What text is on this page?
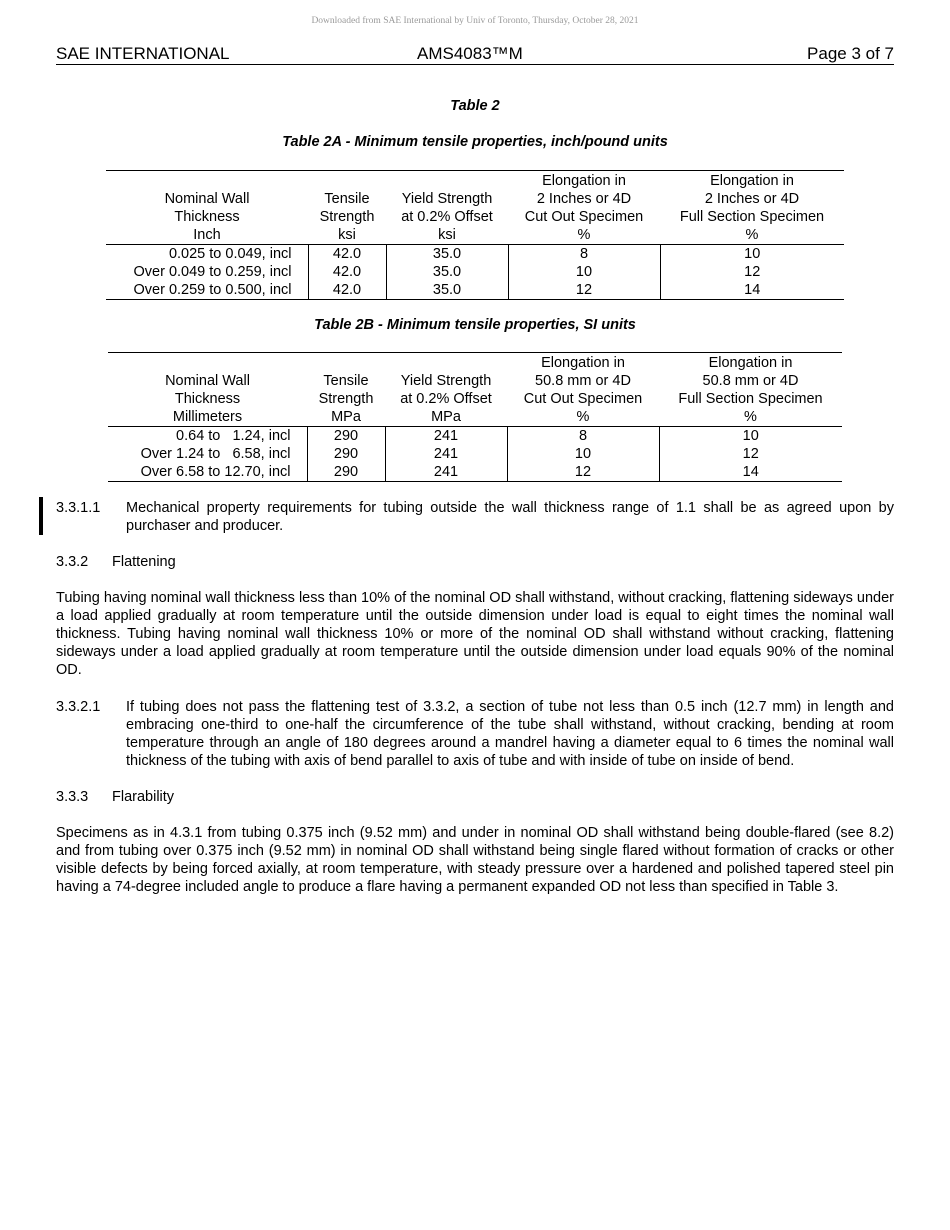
Downloaded from SAE International by Univ of Toronto, Thursday, October 28, 2021
SAE INTERNATIONAL	AMS4083™M	Page 3 of 7
Table 2
Table 2A - Minimum tensile properties, inch/pound units
			Elongation in	Elongation in
Nominal Wall	Tensile	Yield Strength	2 Inches or 4D	2 Inches or 4D
Thickness	Strength	at 0.2% Offset	Cut Out Specimen	Full Section Specimen
Inch	ksi	ksi	%	%
0.025 to 0.049, incl	42.0	35.0	8	10
Over 0.049 to 0.259, incl	42.0	35.0	10	12
Over 0.259 to 0.500, incl	42.0	35.0	12	14
Table 2B - Minimum tensile properties, SI units
			Elongation in	Elongation in
Nominal Wall	Tensile	Yield Strength	50.8 mm or 4D	50.8 mm or 4D
Thickness	Strength	at 0.2% Offset	Cut Out Specimen	Full Section Specimen
Millimeters	MPa	MPa	%	%
0.64 to   1.24, incl	290	241	8	10
Over 1.24 to   6.58, incl	290	241	10	12
Over 6.58 to 12.70, incl	290	241	12	14
3.3.1.1 Mechanical property requirements for tubing outside the wall thickness range of 1.1 shall be as agreed upon by purchaser and producer.
3.3.2 Flattening
Tubing having nominal wall thickness less than 10% of the nominal OD shall withstand, without cracking, flattening sideways under a load applied gradually at room temperature until the outside dimension under load is equal to eight times the nominal wall thickness. Tubing having nominal wall thickness 10% or more of the nominal OD shall withstand without cracking, flattening sideways under a load applied gradually at room temperature until the outside dimension under load equals 90% of the nominal OD.
3.3.2.1 If tubing does not pass the flattening test of 3.3.2, a section of tube not less than 0.5 inch (12.7 mm) in length and embracing one-third to one-half the circumference of the tube shall withstand, without cracking, bending at room temperature through an angle of 180 degrees around a mandrel having a diameter equal to 6 times the nominal wall thickness of the tubing with axis of bend parallel to axis of tube and with inside of tube on inside of bend.
3.3.3 Flarability
Specimens as in 4.3.1 from tubing 0.375 inch (9.52 mm) and under in nominal OD shall withstand being double-flared (see 8.2) and from tubing over 0.375 inch (9.52 mm) in nominal OD shall withstand being single flared without formation of cracks or other visible defects by being forced axially, at room temperature, with steady pressure over a hardened and polished tapered steel pin having a 74-degree included angle to produce a flare having a permanent expanded OD not less than specified in Table 3.
